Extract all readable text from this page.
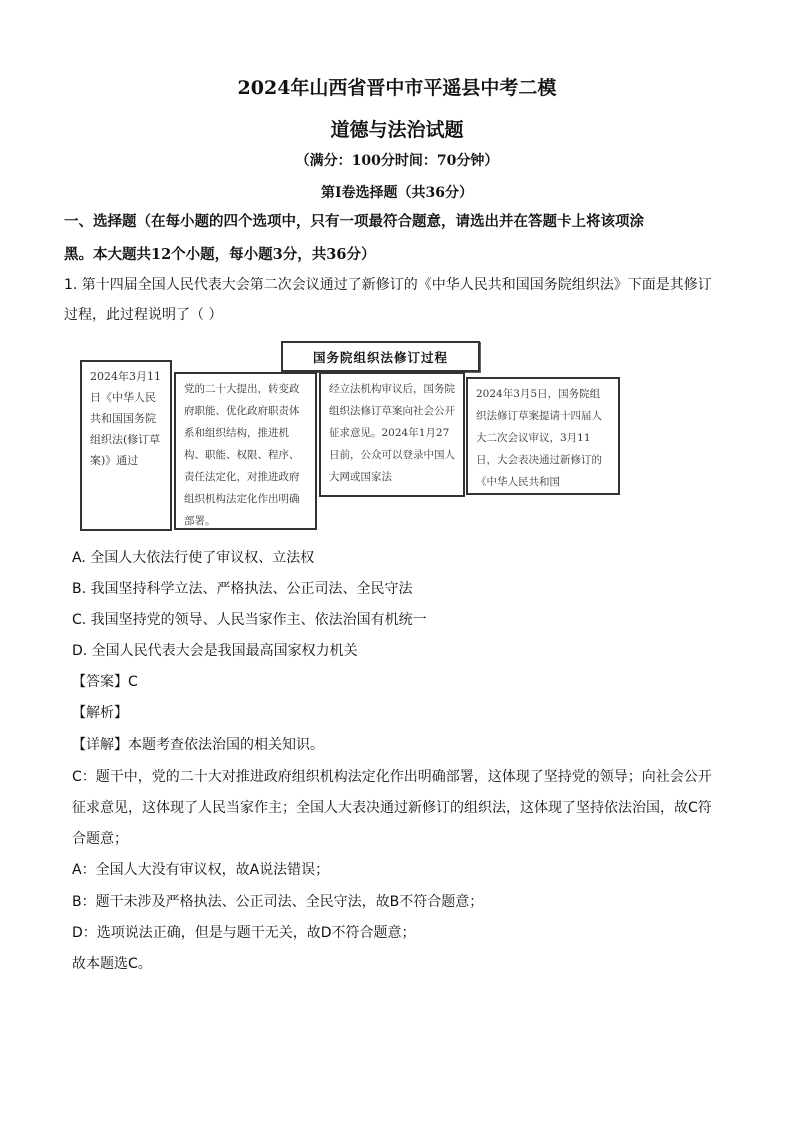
2024年山西省晋中市平遥县中考二模
道德与法治试题
（满分：100分时间：70分钟）
第Ⅰ卷选择题（共36分）
一、选择题（在每小题的四个选项中，只有一项最符合题意，请选出并在答题卡上将该项涂
黑。本大题共12个小题，每小题3分，共36分）
1. 第十四届全国人民代表大会第二次会议通过了新修订的《中华人民共和国国务院组织法》下面是其修订
过程，此过程说明了（ ）
国务院组织法修订过程
2024年3月11日《中华人民共和国国务院组织法(修订草案)》通过
党的二十大提出，转变政府职能、优化政府职责体系和组织结构，推进机构、职能、权限、程序、责任法定化，对推进政府组织机构法定化作出明确部署。
经立法机构审议后，国务院组织法修订草案向社会公开征求意见。2024年1月27日前，公众可以登录中国人大网或国家法
2024年3月5日，国务院组织法修订草案提请十四届人大二次会议审议，3月11日，大会表决通过新修订的《中华人民共和国
A. 全国人大依法行使了审议权、立法权
B. 我国坚持科学立法、严格执法、公正司法、全民守法
C. 我国坚持党的领导、人民当家作主、依法治国有机统一
D. 全国人民代表大会是我国最高国家权力机关
【答案】C
【解析】
【详解】本题考查依法治国的相关知识。
C：题干中，党的二十大对推进政府组织机构法定化作出明确部署，这体现了坚持党的领导；向社会公开
征求意见，这体现了人民当家作主；全国人大表决通过新修订的组织法，这体现了坚持依法治国，故C符
合题意；
A：全国人大没有审议权，故A说法错误；
B：题干未涉及严格执法、公正司法、全民守法，故B不符合题意；
D：选项说法正确，但是与题干无关，故D不符合题意；
故本题选C。
